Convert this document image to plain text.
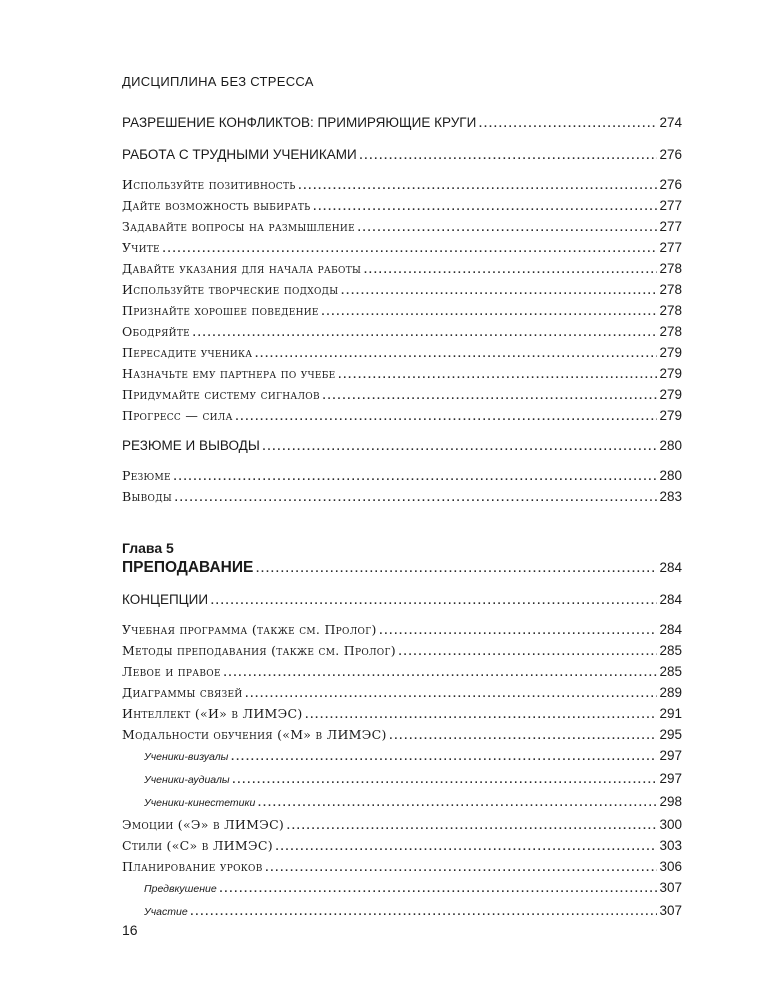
ДИСЦИПЛИНА БЕЗ СТРЕССА
РАЗРЕШЕНИЕ КОНФЛИКТОВ: ПРИМИРЯЮЩИЕ КРУГИ .....	274
РАБОТА С ТРУДНЫМИ УЧЕНИКАМИ .....	276
Используйте позитивность .....	276
Дайте возможность выбирать .....	277
Задавайте вопросы на размышление .....	277
Учите .....	277
Давайте указания для начала работы .....	278
Используйте творческие подходы .....	278
Признайте хорошее поведение .....	278
Ободряйте .....	278
Пересадите ученика .....	279
Назначьте ему партнера по учебе .....	279
Придумайте систему сигналов .....	279
Прогресс — сила .....	279
РЕЗЮМЕ И ВЫВОДЫ .....	280
Резюме .....	280
Выводы .....	283
Глава 5
ПРЕПОДАВАНИЕ .....	284
КОНЦЕПЦИИ .....	284
Учебная программа (также см. Пролог) .....	284
Методы преподавания (также см. Пролог) .....	285
Левое и правое .....	285
Диаграммы связей .....	289
Интеллект («И» в ЛИМЭС) .....	291
Модальности обучения («М» в ЛИМЭС) .....	295
Ученики-визуалы .....	297
Ученики-аудиалы .....	297
Ученики-кинестетики .....	298
Эмоции («Э» в ЛИМЭС) .....	300
Стили («С» в ЛИМЭС) .....	303
Планирование уроков .....	306
Предвкушение .....	307
Участие .....	307
16
